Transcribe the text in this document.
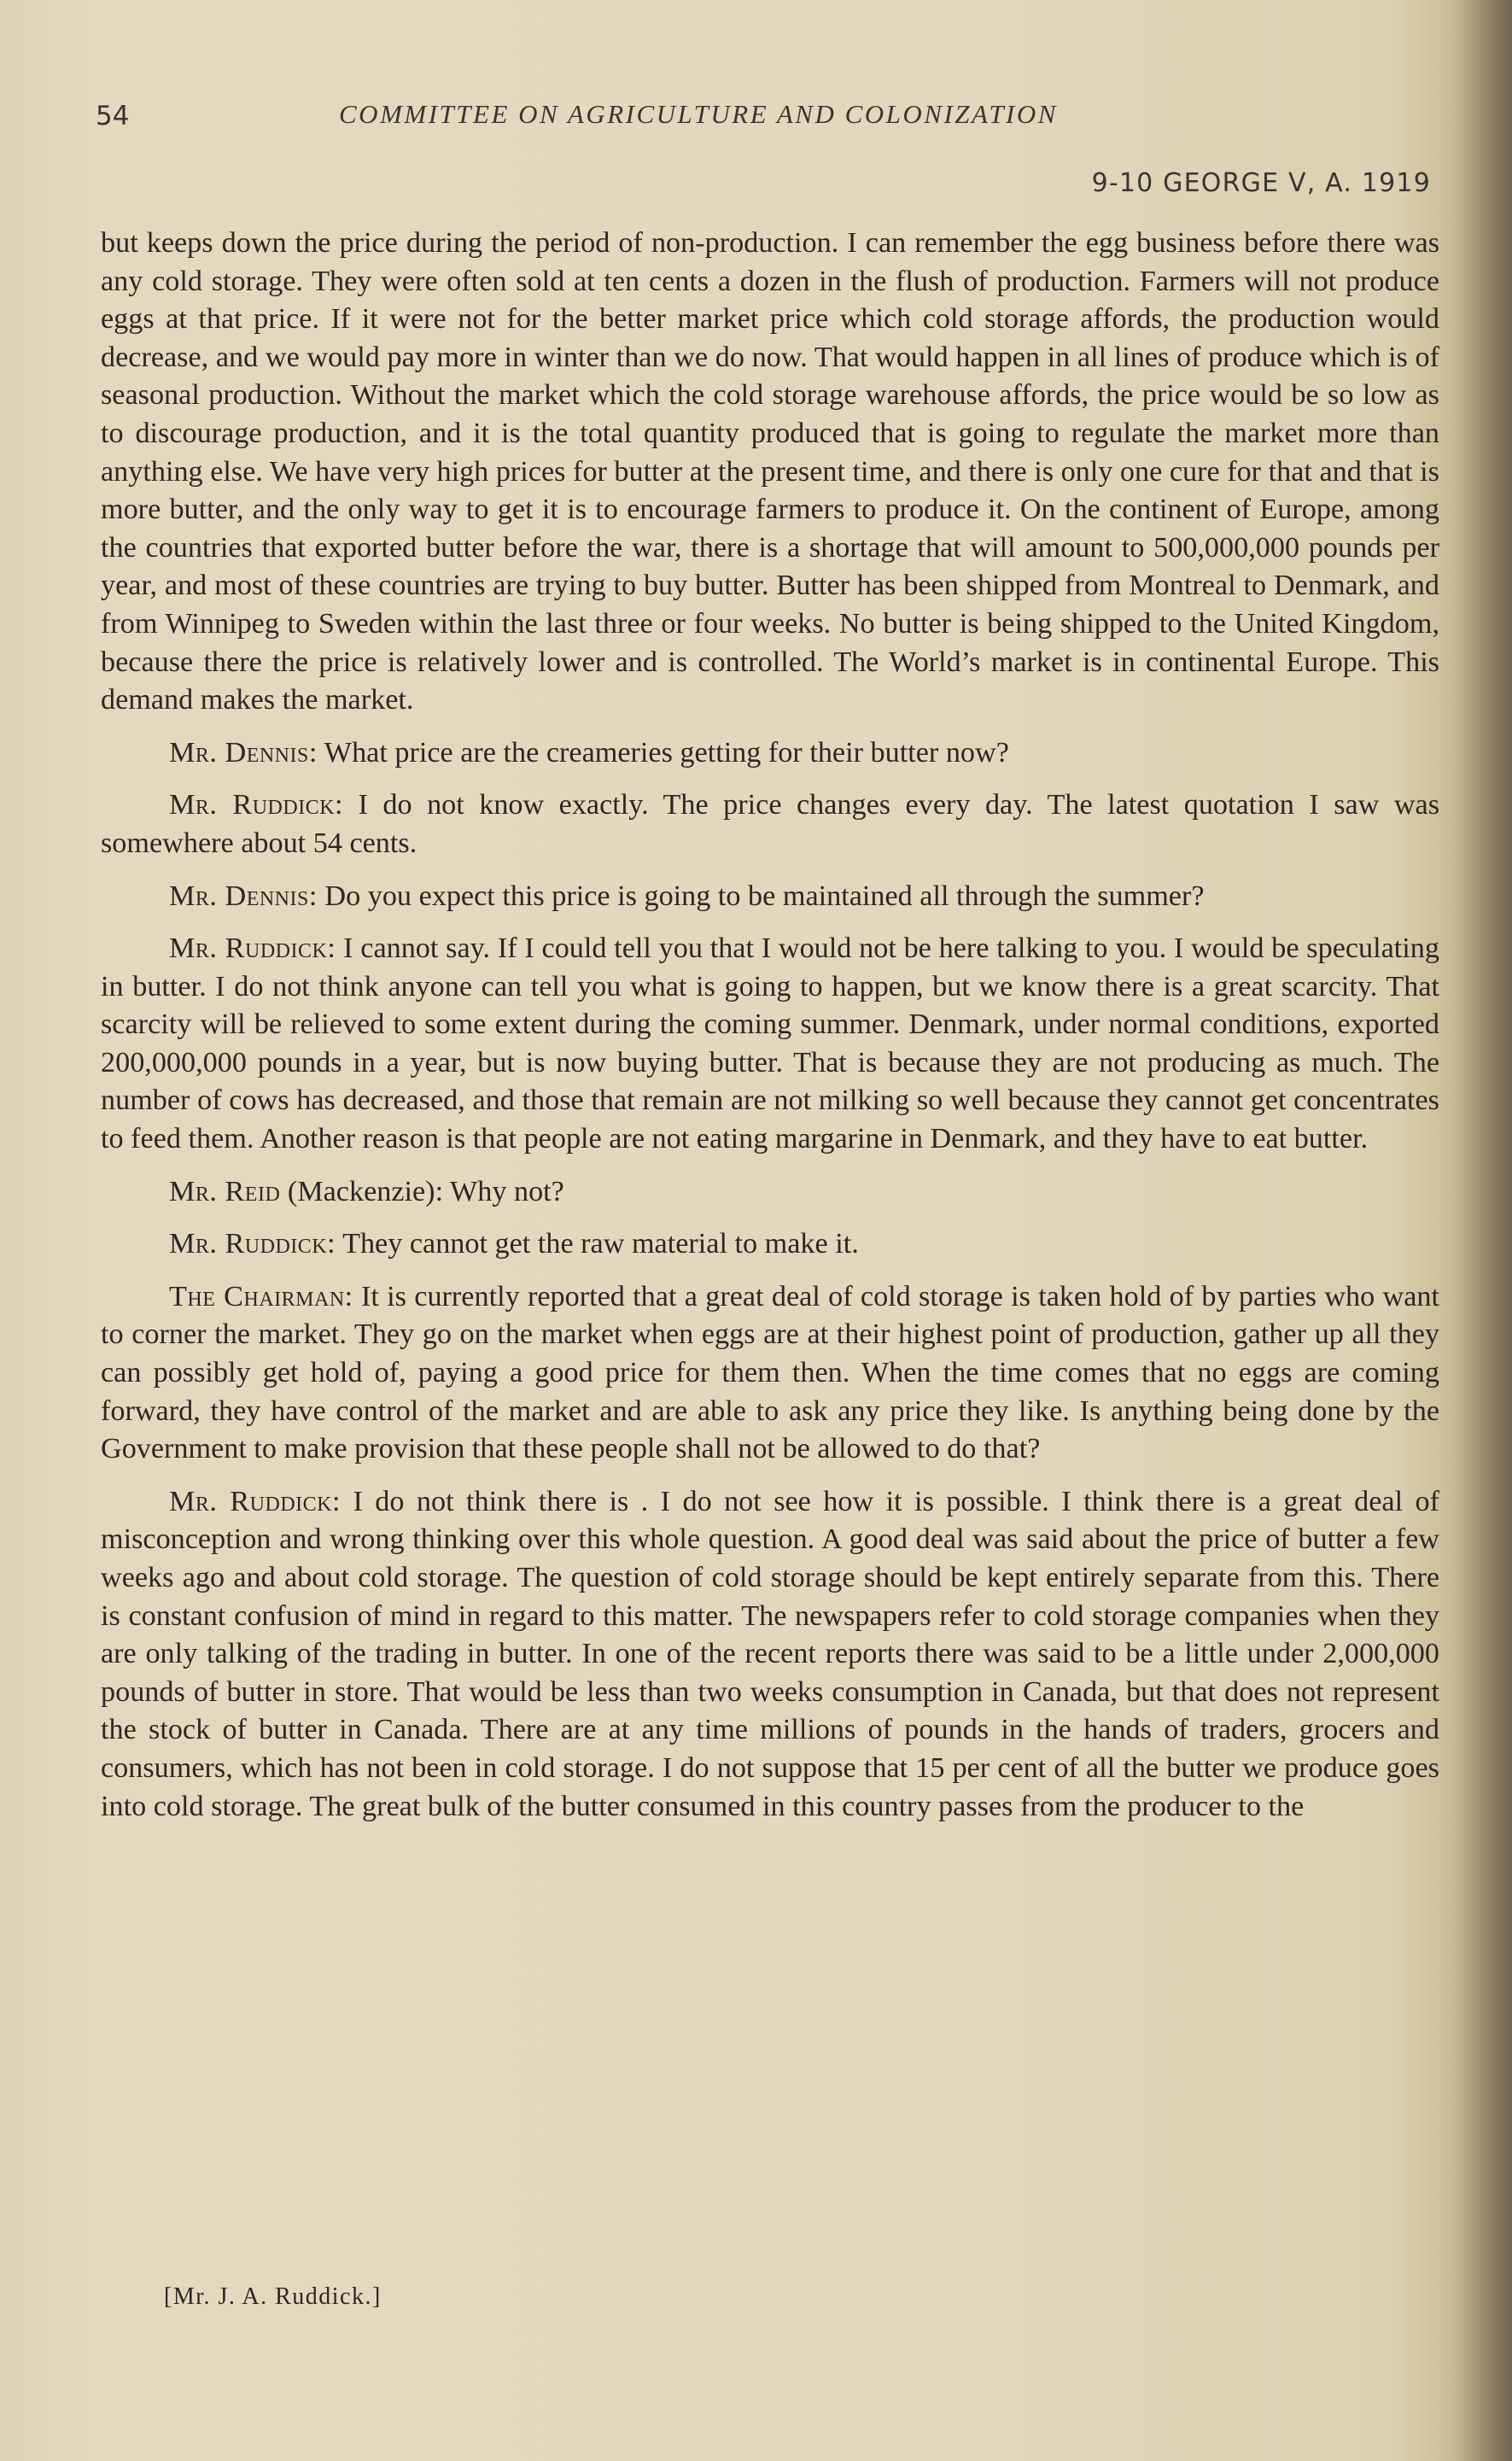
54	COMMITTEE ON AGRICULTURE AND COLONIZATION
9-10 GEORGE V, A. 1919

but keeps down the price during the period of non-production. I can remember the egg business before there was any cold storage. They were often sold at ten cents a dozen in the flush of production. Farmers will not produce eggs at that price. If it were not for the better market price which cold storage affords, the production would decrease, and we would pay more in winter than we do now. That would happen in all lines of produce which is of seasonal production. Without the market which the cold storage warehouse affords, the price would be so low as to discourage production, and it is the total quantity produced that is going to regulate the market more than anything else. We have very high prices for butter at the present time, and there is only one cure for that and that is more butter, and the only way to get it is to encourage farmers to produce it. On the continent of Europe, among the countries that exported butter before the war, there is a shortage that will amount to 500,000,000 pounds per year, and most of these countries are trying to buy butter. Butter has been shipped from Montreal to Denmark, and from Winnipeg to Sweden within the last three or four weeks. No butter is being shipped to the United Kingdom, because there the price is relatively lower and is controlled. The World’s market is in continental Europe. This demand makes the market.

Mr. Dennis: What price are the creameries getting for their butter now?

Mr. Ruddick: I do not know exactly. The price changes every day. The latest quotation I saw was somewhere about 54 cents.

Mr. Dennis: Do you expect this price is going to be maintained all through the summer?

Mr. Ruddick: I cannot say. If I could tell you that I would not be here talking to you. I would be speculating in butter. I do not think anyone can tell you what is going to happen, but we know there is a great scarcity. That scarcity will be relieved to some extent during the coming summer. Denmark, under normal conditions, exported 200,000,000 pounds in a year, but is now buying butter. That is because they are not producing as much. The number of cows has decreased, and those that remain are not milking so well because they cannot get concentrates to feed them. Another reason is that people are not eating margarine in Denmark, and they have to eat butter.

Mr. Reid (Mackenzie): Why not?

Mr. Ruddick: They cannot get the raw material to make it.

The Chairman: It is currently reported that a great deal of cold storage is taken hold of by parties who want to corner the market. They go on the market when eggs are at their highest point of production, gather up all they can possibly get hold of, paying a good price for them then. When the time comes that no eggs are coming forward, they have control of the market and are able to ask any price they like. Is anything being done by the Government to make provision that these people shall not be allowed to do that?

Mr. Ruddick: I do not think there is . I do not see how it is possible. I think there is a great deal of misconception and wrong thinking over this whole question. A good deal was said about the price of butter a few weeks ago and about cold storage. The question of cold storage should be kept entirely separate from this. There is constant confusion of mind in regard to this matter. The newspapers refer to cold storage companies when they are only talking of the trading in butter. In one of the recent reports there was said to be a little under 2,000,000 pounds of butter in store. That would be less than two weeks consumption in Canada, but that does not represent the stock of butter in Canada. There are at any time millions of pounds in the hands of traders, grocers and consumers, which has not been in cold storage. I do not suppose that 15 per cent of all the butter we produce goes into cold storage. The great bulk of the butter consumed in this country passes from the producer to the

[Mr. J. A. Ruddick.]
